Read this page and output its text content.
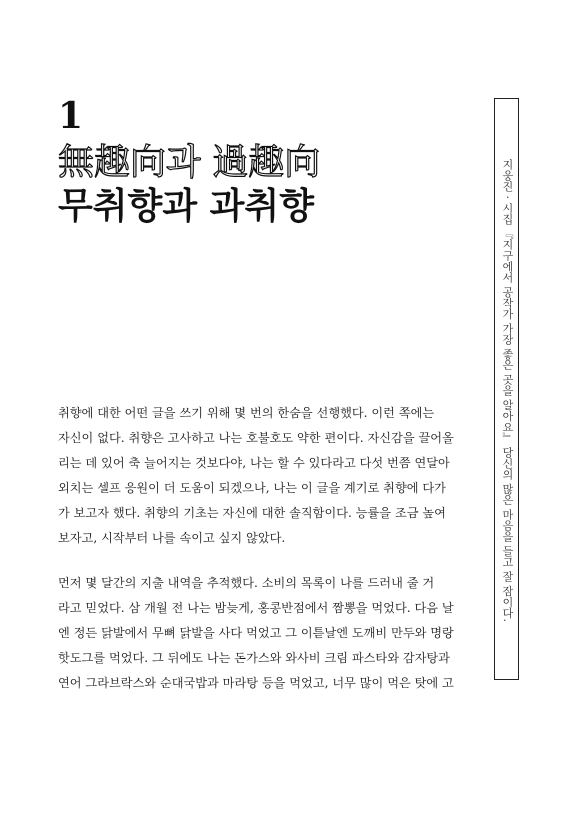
1
無趣向과 過趣向
무취향과 과취향	지웅진 · 시집 『지구에서 공작가 가장 좋은 곳을 알아요』 당신의 많은 마음을 들고 잘 잠이다.
취향에 대한 어떤 글을 쓰기 위해 몇 번의 한숨을 선행했다. 이런 쪽에는
자신이 없다. 취향은 고사하고 나는 호불호도 약한 편이다. 자신감을 끌어올
리는 데 있어 축 늘어지는 것보다야, 나는 할 수 있다라고 다섯 번쯤 연달아
외치는 셀프 응원이 더 도움이 되겠으나, 나는 이 글을 계기로 취향에 다가
가 보고자 했다. 취향의 기초는 자신에 대한 솔직함이다. 능률을 조금 높여
보자고, 시작부터 나를 속이고 싶지 않았다.
먼저 몇 달간의 지출 내역을 추적했다. 소비의 목록이 나를 드러내 줄 거
라고 믿었다. 삼 개월 전 나는 밤늦게, 홍콩반점에서 짬뽕을 먹었다. 다음 날
엔 정든 닭발에서 무뼈 닭발을 사다 먹었고 그 이튿날엔 도깨비 만두와 명랑
핫도그를 먹었다. 그 뒤에도 나는 돈가스와 와사비 크림 파스타와 감자탕과
연어 그라브락스와 순대국밥과 마라탕 등을 먹었고, 너무 많이 먹은 탓에 고
